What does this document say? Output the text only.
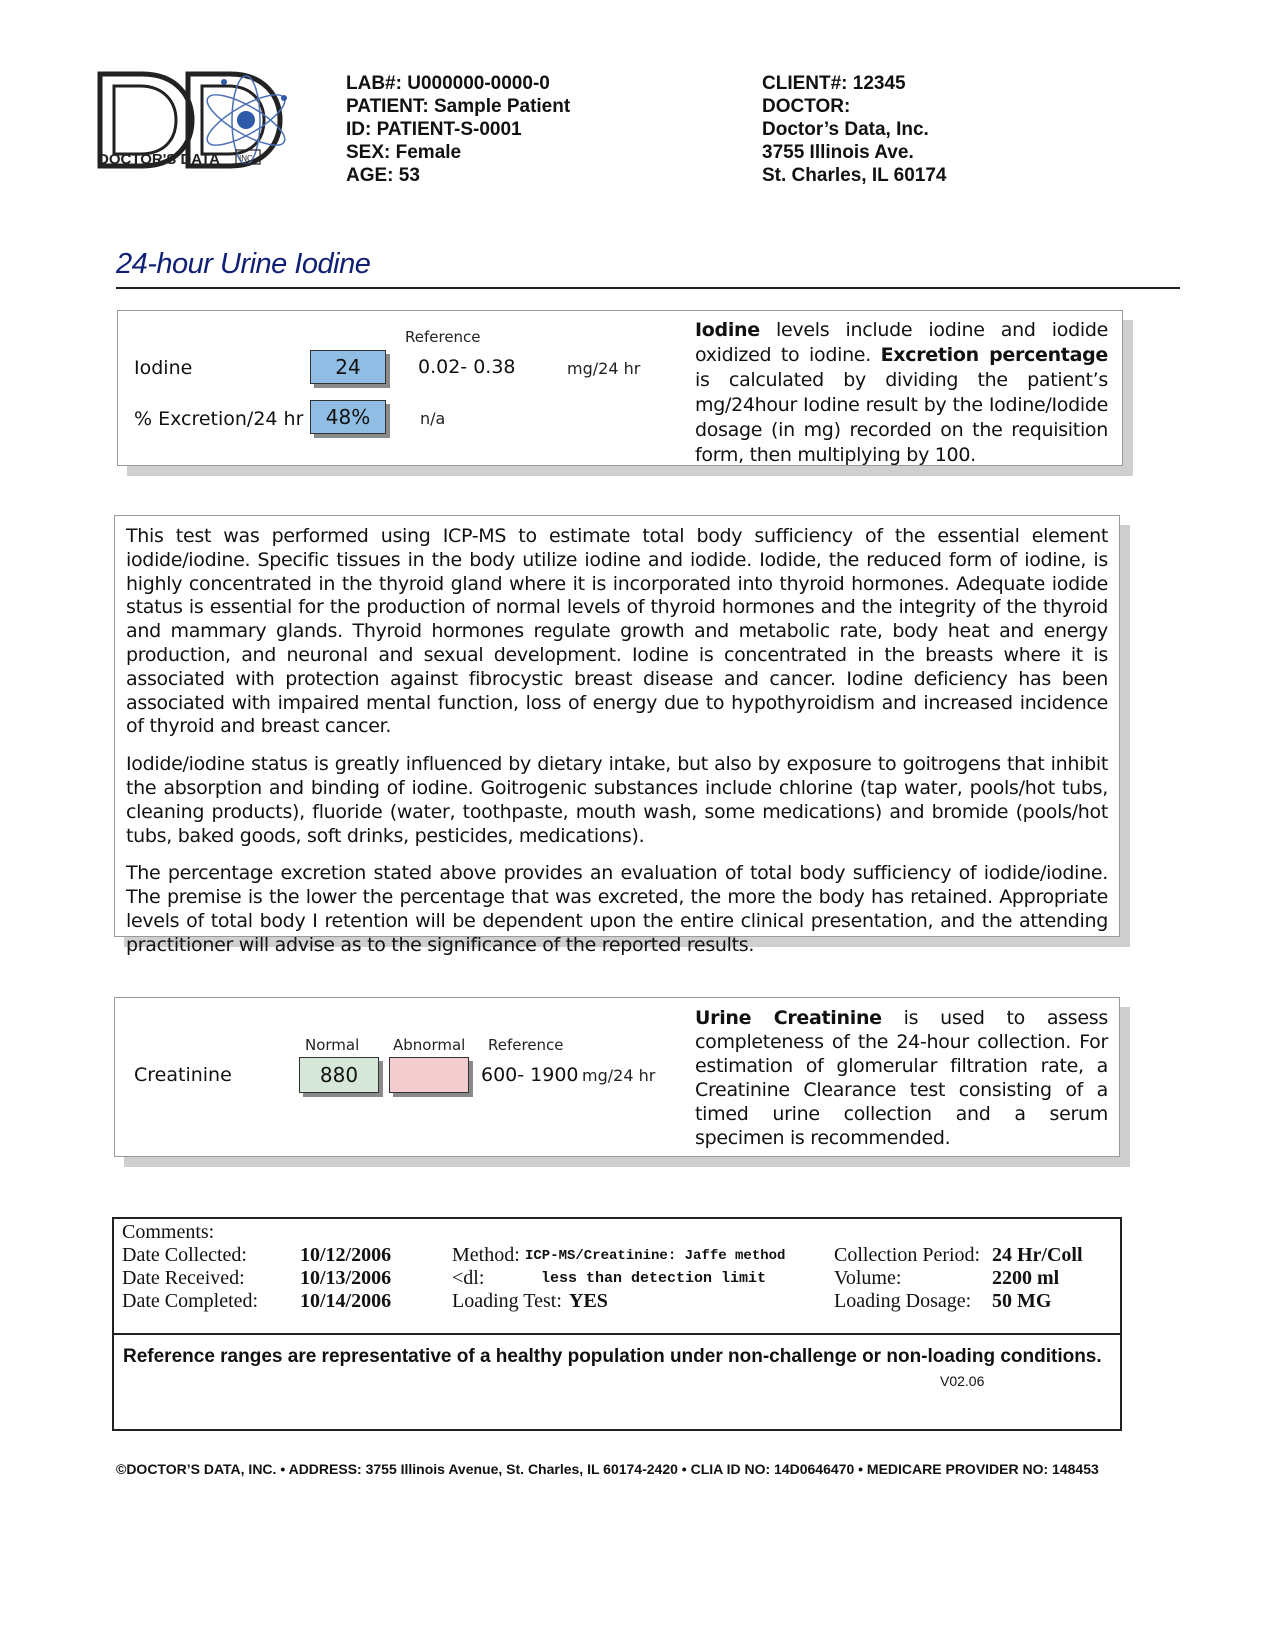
DOCTOR'S DATA INC
LAB#: U000000-0000-0
PATIENT: Sample Patient
ID: PATIENT-S-0001
SEX: Female
AGE: 53
CLIENT#: 12345
DOCTOR:
Doctor’s Data, Inc.
3755 Illinois Ave.
St. Charles, IL 60174
24-hour Urine Iodine
Reference
Iodine	24	0.02- 0.38	mg/24 hr
% Excretion/24 hr	48%	n/a
Iodine levels include iodine and iodide oxidized to iodine. Excretion percentage is calculated by dividing the patient’s mg/24hour Iodine result by the Iodine/Iodide dosage (in mg) recorded on the requisition form, then multiplying by 100.
This test was performed using ICP-MS to estimate total body sufficiency of the essential element iodide/iodine. Specific tissues in the body utilize iodine and iodide. Iodide, the reduced form of iodine, is highly concentrated in the thyroid gland where it is incorporated into thyroid hormones. Adequate iodide status is essential for the production of normal levels of thyroid hormones and the integrity of the thyroid and mammary glands. Thyroid hormones regulate growth and metabolic rate, body heat and energy production, and neuronal and sexual development. Iodine is concentrated in the breasts where it is associated with protection against fibrocystic breast disease and cancer. Iodine deficiency has been associated with impaired mental function, loss of energy due to hypothyroidism and increased incidence of thyroid and breast cancer.
Iodide/iodine status is greatly influenced by dietary intake, but also by exposure to goitrogens that inhibit the absorption and binding of iodine. Goitrogenic substances include chlorine (tap water, pools/hot tubs, cleaning products), fluoride (water, toothpaste, mouth wash, some medications) and bromide (pools/hot tubs, baked goods, soft drinks, pesticides, medications).
The percentage excretion stated above provides an evaluation of total body sufficiency of iodide/iodine. The premise is the lower the percentage that was excreted, the more the body has retained. Appropriate levels of total body I retention will be dependent upon the entire clinical presentation, and the attending practitioner will advise as to the significance of the reported results.
Normal Abnormal Reference
Creatinine	880	600- 1900 mg/24 hr
Urine Creatinine is used to assess completeness of the 24-hour collection. For estimation of glomerular filtration rate, a Creatinine Clearance test consisting of a timed urine collection and a serum specimen is recommended.
Comments:
Date Collected:	10/12/2006
Date Received:	10/13/2006
Date Completed: 10/14/2006
Method: ICP-MS/Creatinine: Jaffe method
<dl:	less than detection limit
Loading Test: YES
Collection Period: 24 Hr/Coll
Volume:	2200 ml
Loading Dosage: 50 MG
Reference ranges are representative of a healthy population under non-challenge or non-loading conditions.
V02.06
©DOCTOR’S DATA, INC. • ADDRESS: 3755 Illinois Avenue, St. Charles, IL 60174-2420 • CLIA ID NO: 14D0646470 • MEDICARE PROVIDER NO: 148453
